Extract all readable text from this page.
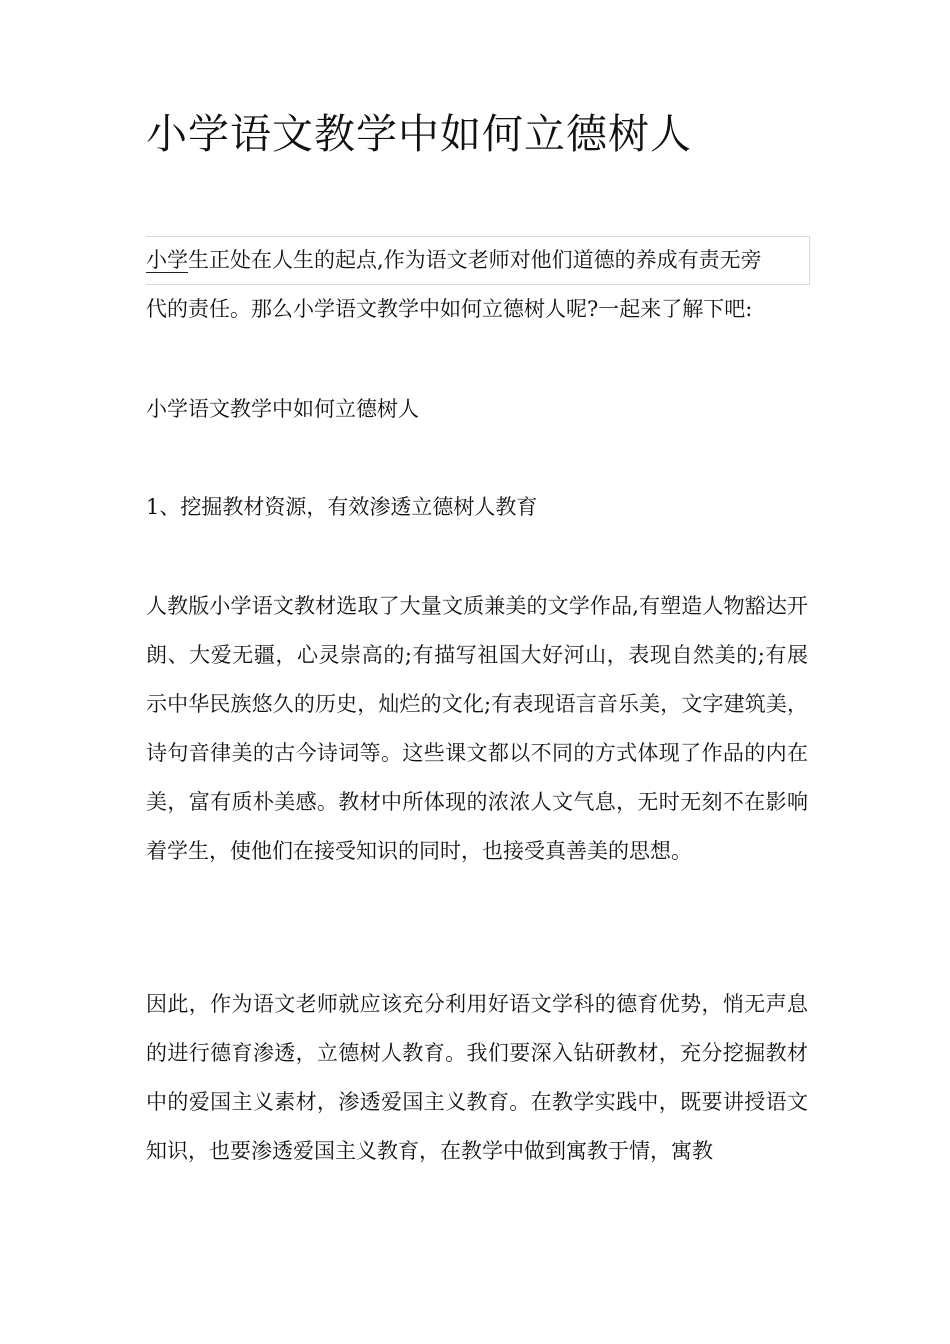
小学语文教学中如何立德树人

小学生正处在人生的起点,作为语文老师对他们道德的养成有责无旁
代的责任。那么小学语文教学中如何立德树人呢?一起来了解下吧:

小学语文教学中如何立德树人

1、挖掘教材资源，有效渗透立德树人教育

人教版小学语文教材选取了大量文质兼美的文学作品,有塑造人物豁达开朗、大爱无疆，心灵崇高的;有描写祖国大好河山，表现自然美的;有展示中华民族悠久的历史，灿烂的文化;有表现语言音乐美，文字建筑美，诗句音律美的古今诗词等。这些课文都以不同的方式体现了作品的内在美，富有质朴美感。教材中所体现的浓浓人文气息，无时无刻不在影响着学生，使他们在接受知识的同时，也接受真善美的思想。

因此，作为语文老师就应该充分利用好语文学科的德育优势，悄无声息的进行德育渗透，立德树人教育。我们要深入钻研教材，充分挖掘教材中的爱国主义素材，渗透爱国主义教育。在教学实践中，既要讲授语文知识，也要渗透爱国主义教育，在教学中做到寓教于情，寓教
